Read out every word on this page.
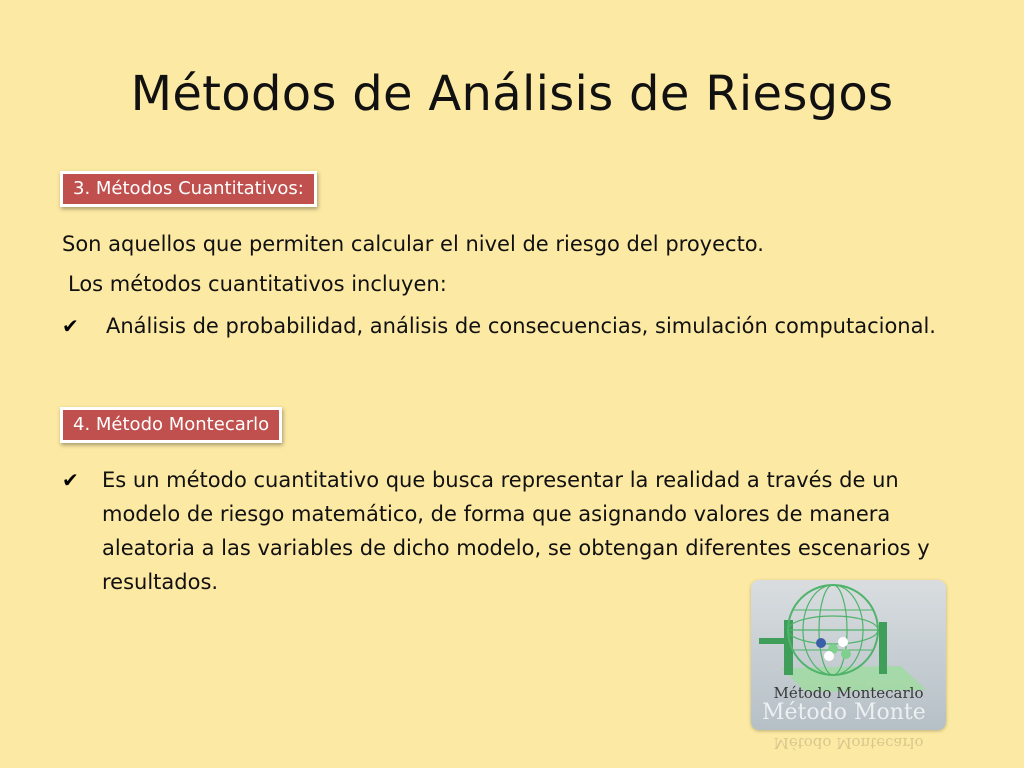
Métodos de Análisis de Riesgos
3. Métodos Cuantitativos:

Son aquellos que permiten calcular el nivel de riesgo del proyecto.

Los métodos cuantitativos incluyen:

✔	Análisis de probabilidad, análisis de consecuencias, simulación computacional.
4. Método Montecarlo
✔	Es un método cuantitativo que busca representar la realidad a través de un modelo de riesgo matemático, de forma que asignando valores de manera aleatoria a las variables de dicho modelo, se obtengan diferentes escenarios y resultados.
Método Montecarlo
Método Monte
Método Montecarlo
